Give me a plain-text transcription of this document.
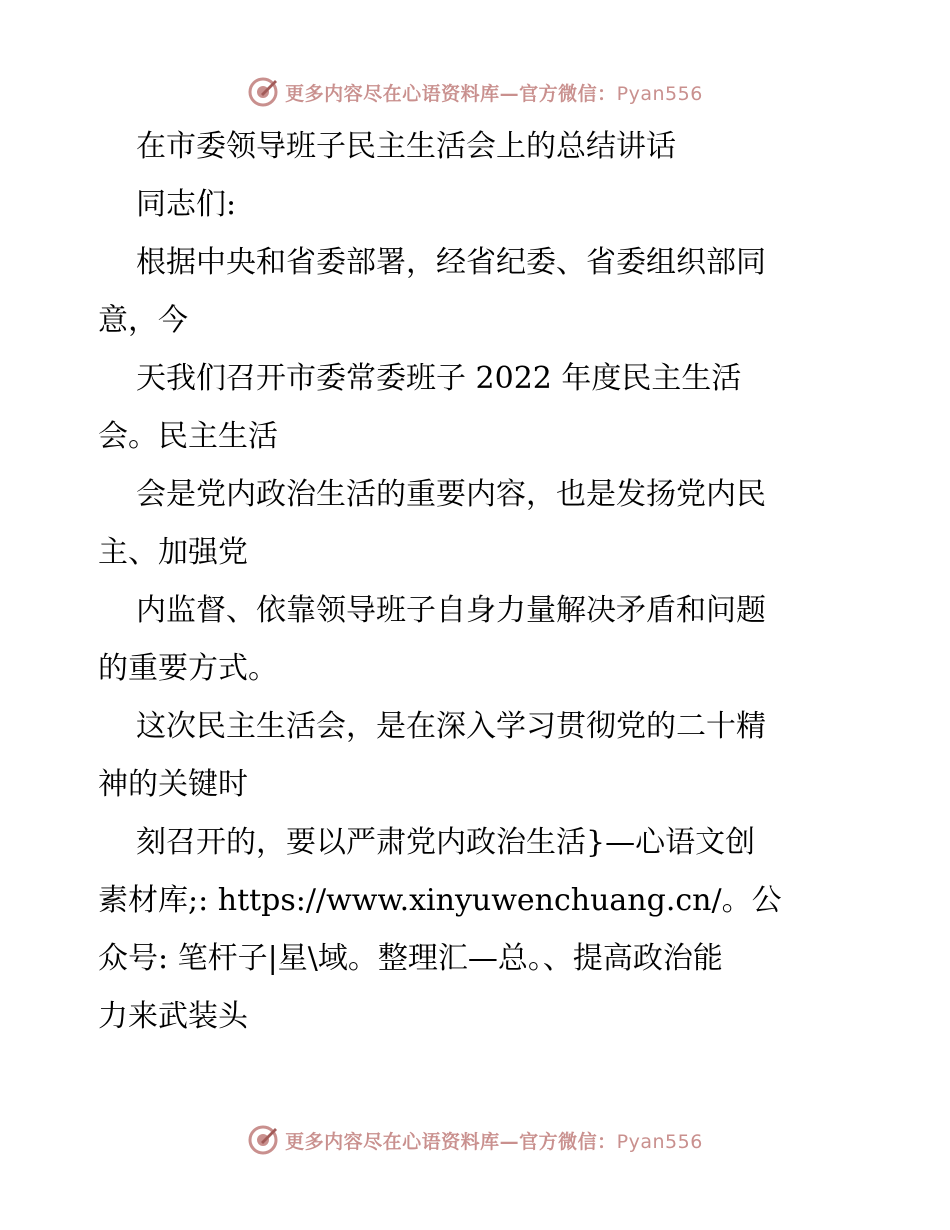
更多内容尽在心语资料库—官方微信：Pyan556

在市委领导班子民主生活会上的总结讲话

同志们:

根据中央和省委部署，经省纪委、省委组织部同

意，今

天我们召开市委常委班子 2022 年度民主生活

会。民主生活

会是党内政治生活的重要内容，也是发扬党内民

主、加强党

内监督、依靠领导班子自身力量解决矛盾和问题

的重要方式。

这次民主生活会，是在深入学习贯彻党的二十精

神的关键时

刻召开的，要以严肃党内政治生活}—心语文创

素材库;: https://www.xinyuwenchuang.cn/。公

众号: 笔杆子|星\域。整理汇—总。、提高政治能

力来武装头

更多内容尽在心语资料库—官方微信：Pyan556
